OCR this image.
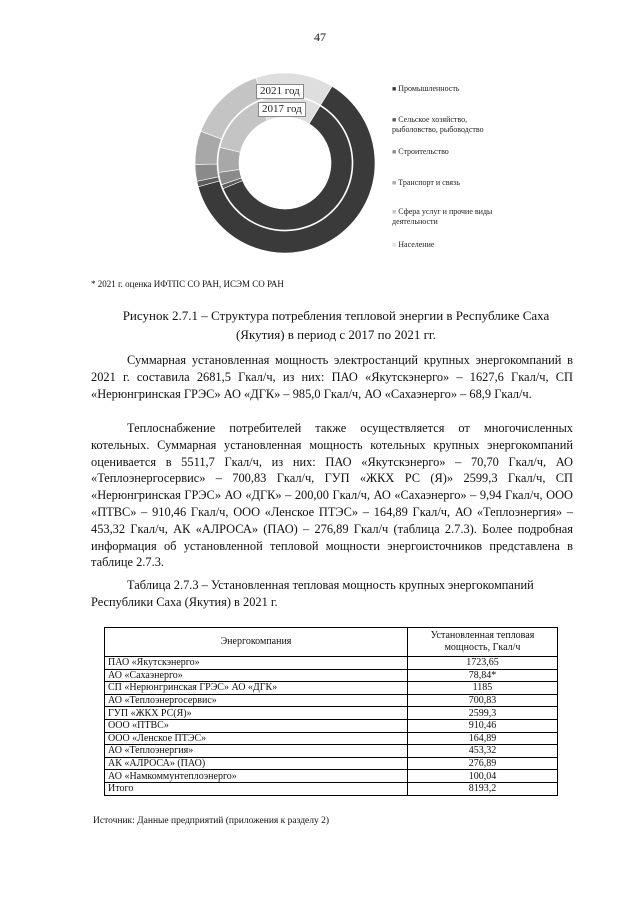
47
2021 год
2017 год
■ Промышленность
■ Сельское хозяйство, рыболовство, рыбоводство
■ Строительство
■ Транспорт и связь
■ Сфера услуг и прочие виды деятельности
■ Население
* 2021 г. оценка ИФТПС СО РАН, ИСЭМ СО РАН
Рисунок 2.7.1 – Структура потребления тепловой энергии в Республике Саха (Якутия) в период с 2017 по 2021 гг.

Суммарная установленная мощность электростанций крупных энергокомпаний в 2021 г. составила 2681,5 Гкал/ч, из них: ПАО «Якутскэнерго» – 1627,6 Гкал/ч, СП «Нерюнгринская ГРЭС» АО «ДГК» – 985,0 Гкал/ч, АО «Сахаэнерго» – 68,9 Гкал/ч.

Теплоснабжение потребителей также осуществляется от многочисленных котельных. Суммарная установленная мощность котельных крупных энергокомпаний оценивается в 5511,7 Гкал/ч, из них: ПАО «Якутскэнерго» – 70,70 Гкал/ч, АО «Теплоэнергосервис» – 700,83 Гкал/ч, ГУП «ЖКХ РС (Я)» 2599,3 Гкал/ч, СП «Нерюнгринская ГРЭС» АО «ДГК» – 200,00 Гкал/ч, АО «Сахаэнерго» – 9,94 Гкал/ч, ООО «ПТВС» – 910,46 Гкал/ч, ООО «Ленское ПТЭС» – 164,89 Гкал/ч, АО «Теплоэнергия» – 453,32 Гкал/ч, АК «АЛРОСА» (ПАО) – 276,89 Гкал/ч (таблица 2.7.3). Более подробная информация об установленной тепловой мощности энергоисточников представлена в таблице 2.7.3.

Таблица 2.7.3 – Установленная тепловая мощность крупных энергокомпаний Республики Саха (Якутия) в 2021 г.

Энергокомпания	Установленная тепловая мощность, Гкал/ч
ПАО «Якутскэнерго»	1723,65
АО «Сахаэнерго»	78,84*
СП «Нерюнгринская ГРЭС» АО «ДГК»	1185
АО «Теплоэнергосервис»	700,83
ГУП «ЖКХ РС(Я)»	2599,3
ООО «ПТВС»	910,46
ООО «Ленское ПТЭС»	164,89
АО «Теплоэнергия»	453,32
АК «АЛРОСА» (ПАО)	276,89
АО «Намкоммунтеплоэнерго»	100,04
Итого	8193,2
Источник: Данные предприятий (приложения к разделу 2)
